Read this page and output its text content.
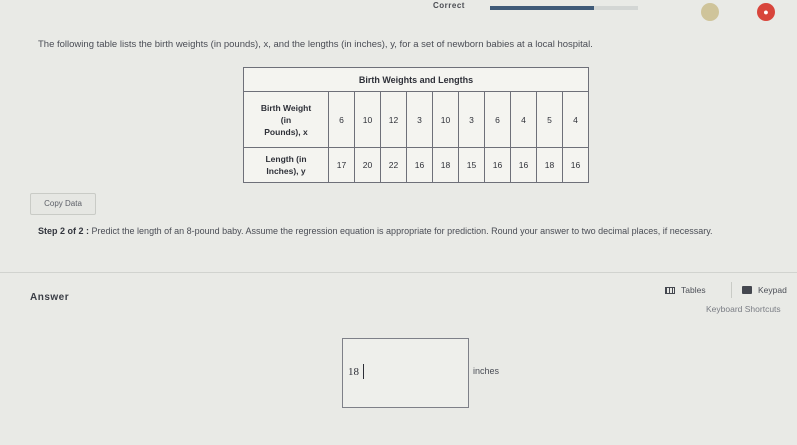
Correct
●
The following table lists the birth weights (in pounds), x, and the lengths (in inches), y, for a set of newborn babies at a local hospital.
Birth Weights and Lengths										

Birth Weight
(in
Pounds), x	6	10	12	3	10	3	6	4	5	4

Length (in
Inches), y	17	20	22	16	18	15	16	16	18	16
Copy Data
Step 2 of 2 : Predict the length of an 8-pound baby. Assume the regression equation is appropriate for prediction. Round your answer to two decimal places, if necessary.
Answer
Tables	Keypad
Keyboard Shortcuts
18
inches
